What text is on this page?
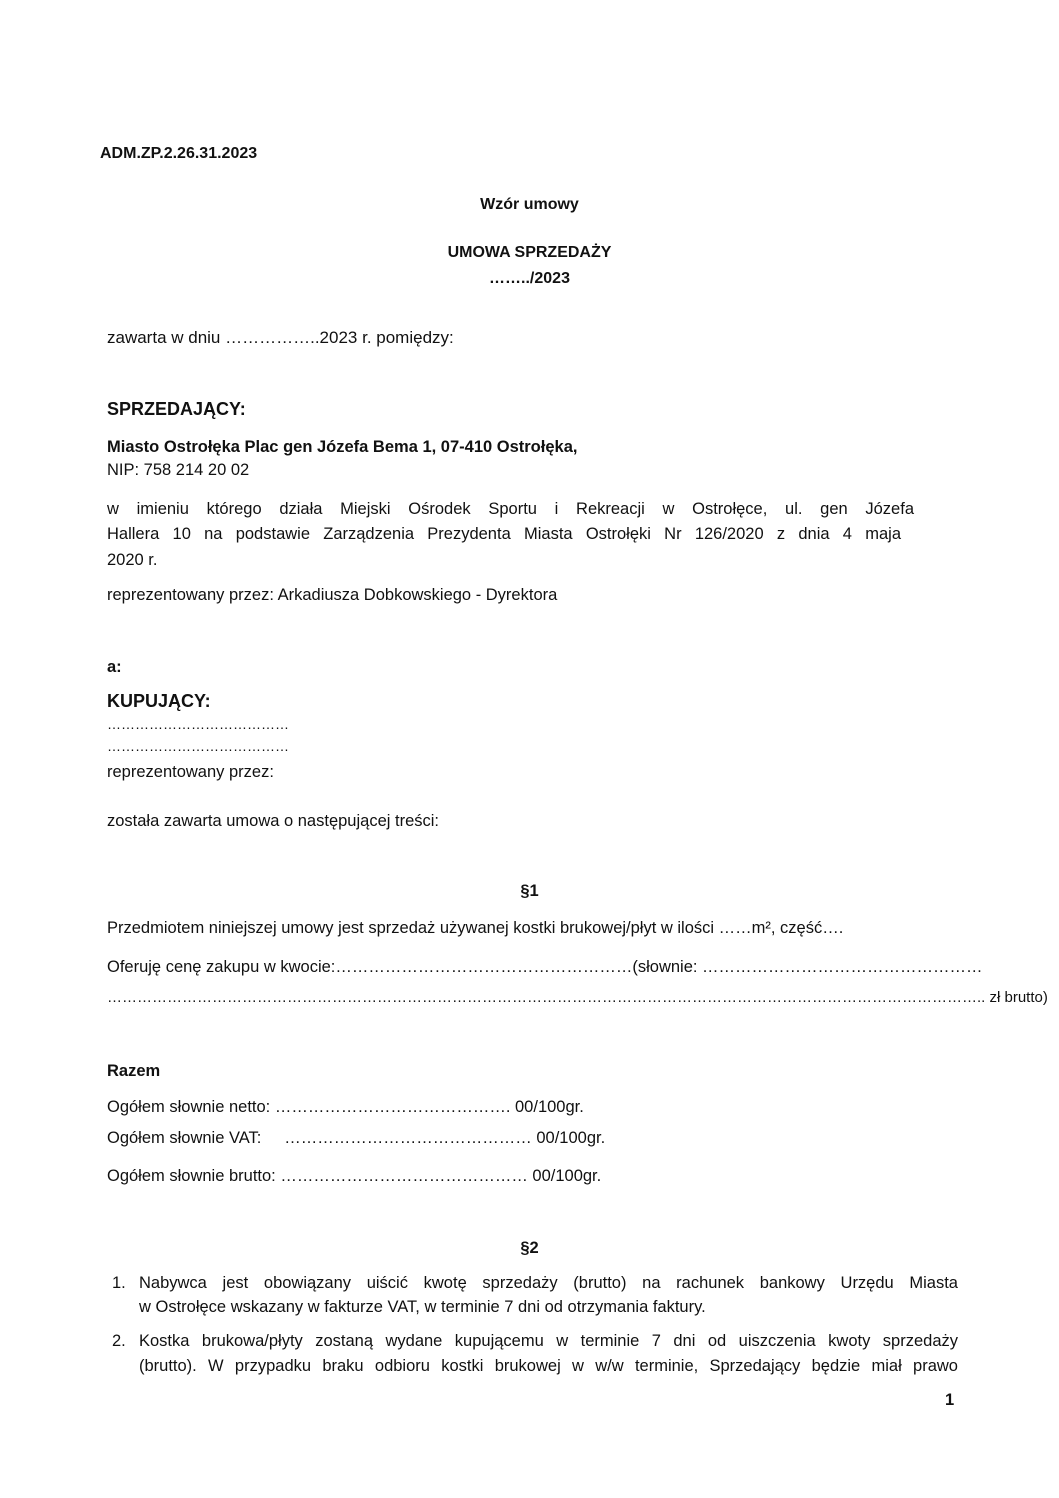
ADM.ZP.2.26.31.2023
Wzór umowy
UMOWA SPRZEDAŻY
……../2023
zawarta w dniu ……………..2023 r. pomiędzy:
SPRZEDAJĄCY:
Miasto Ostrołęka Plac gen Józefa Bema 1, 07-410 Ostrołęka,
NIP: 758 214 20 02
w imieniu którego działa Miejski Ośrodek Sportu i Rekreacji w Ostrołęce, ul. gen Józefa
Hallera 10 na podstawie Zarządzenia Prezydenta Miasta Ostrołęki Nr 126/2020 z dnia 4 maja
2020 r.
reprezentowany przez: Arkadiusza Dobkowskiego - Dyrektora
a:
KUPUJĄCY:
…………………………………
…………………………………
reprezentowany przez:
została zawarta umowa o następującej treści:
§1
Przedmiotem niniejszej umowy jest sprzedaż używanej kostki brukowej/płyt w ilości ……m², część….
Oferuję cenę zakupu w kwocie:………………………………………………(słownie: ……………………………………………
………………………………………………………………………………………………………………………………………………………….. zł brutto)
Razem
Ogółem słownie netto: ……………………………………. 00/100gr.
Ogółem słownie VAT:     ……………………………………… 00/100gr.
Ogółem słownie brutto: ……………………………………… 00/100gr.
§2
1. Nabywca jest obowiązany uiścić kwotę sprzedaży (brutto) na rachunek bankowy Urzędu Miasta
w Ostrołęce wskazany w fakturze VAT, w terminie 7 dni od otrzymania faktury.
2. Kostka brukowa/płyty zostaną wydane kupującemu w terminie 7 dni od uiszczenia kwoty sprzedaży
(brutto). W przypadku braku odbioru kostki brukowej w w/w terminie, Sprzedający będzie miał prawo
1
